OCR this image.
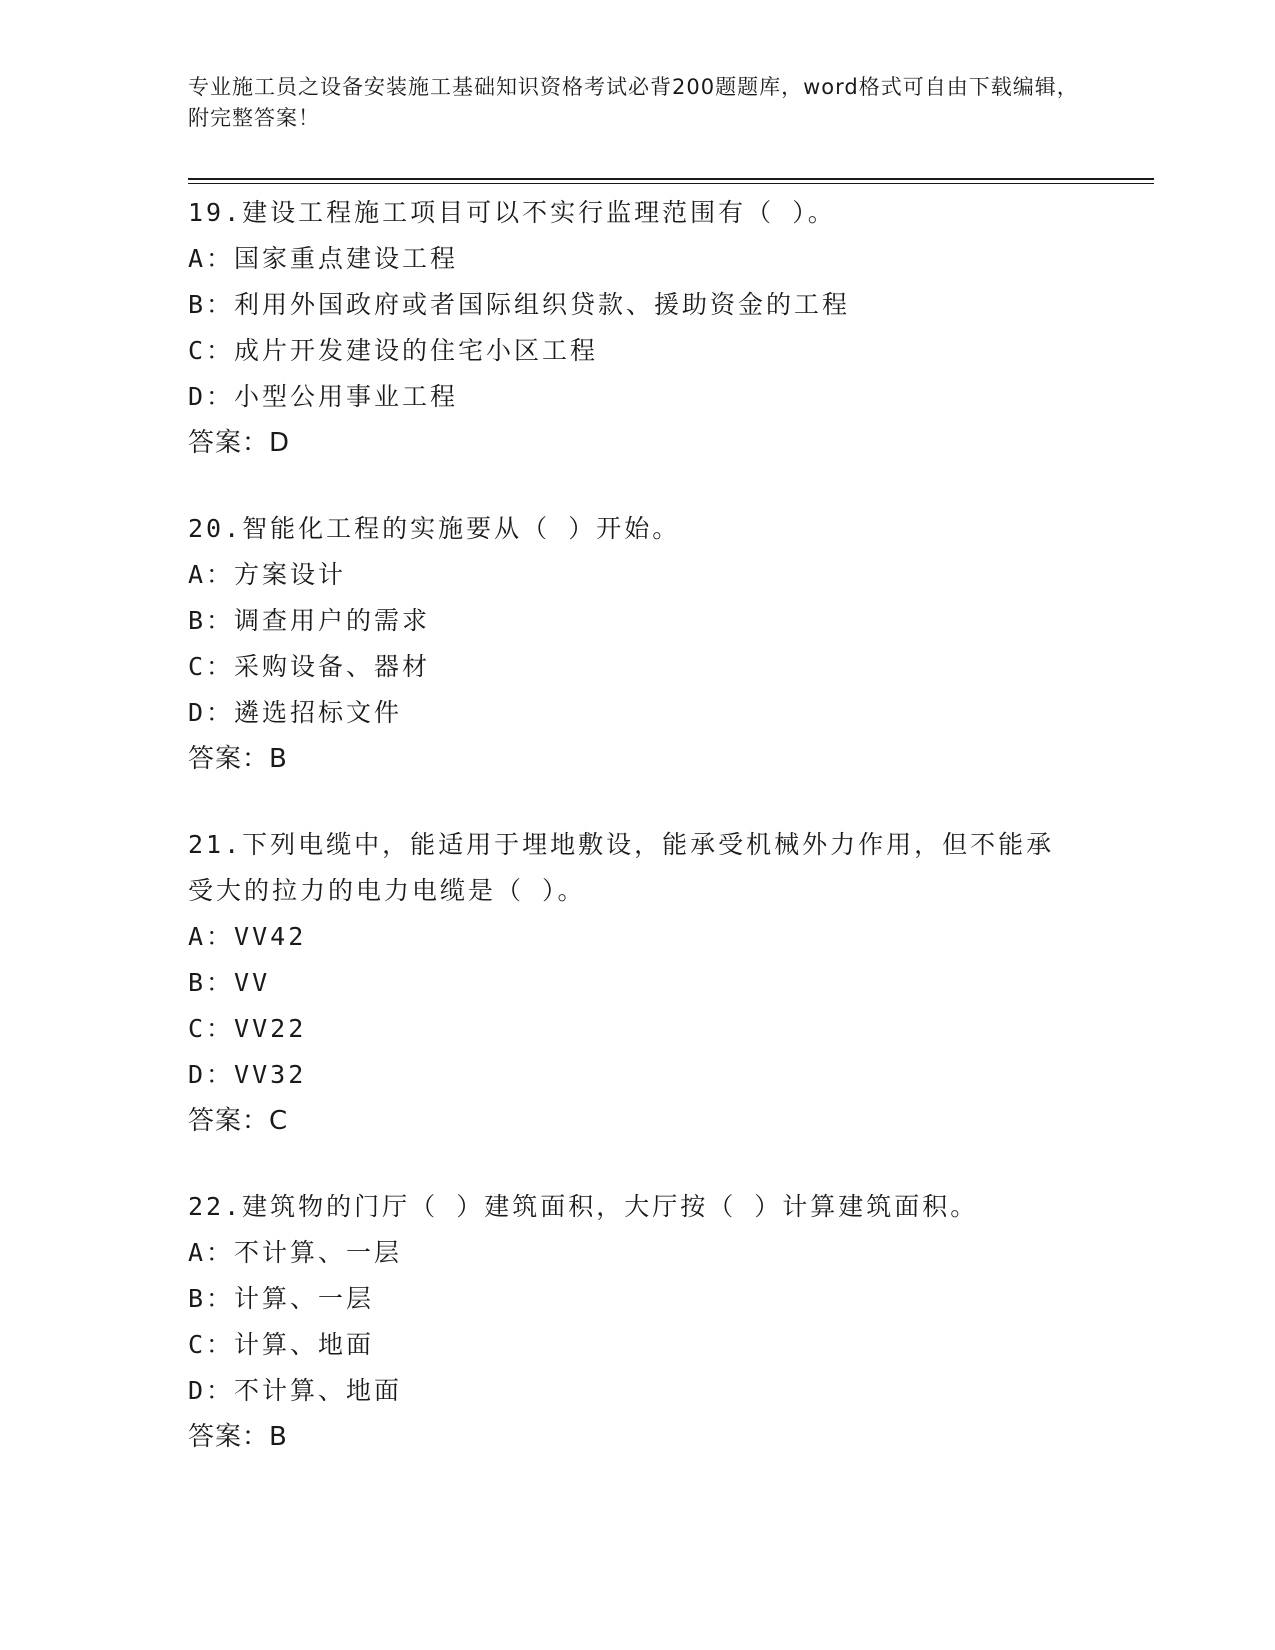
专业施工员之设备安装施工基础知识资格考试必背200题题库，word格式可自由下载编辑，附完整答案！
19.建设工程施工项目可以不实行监理范围有（ ）。
A：国家重点建设工程
B：利用外国政府或者国际组织贷款、援助资金的工程
C：成片开发建设的住宅小区工程
D：小型公用事业工程
答案：D
20.智能化工程的实施要从（ ）开始。
A：方案设计
B：调查用户的需求
C：采购设备、器材
D：遴选招标文件
答案：B
21.下列电缆中，能适用于埋地敷设，能承受机械外力作用，但不能承受大的拉力的电力电缆是（ ）。
A：VV42
B：VV
C：VV22
D：VV32
答案：C
22.建筑物的门厅（ ）建筑面积，大厅按（ ）计算建筑面积。
A：不计算、一层
B：计算、一层
C：计算、地面
D：不计算、地面
答案：B
